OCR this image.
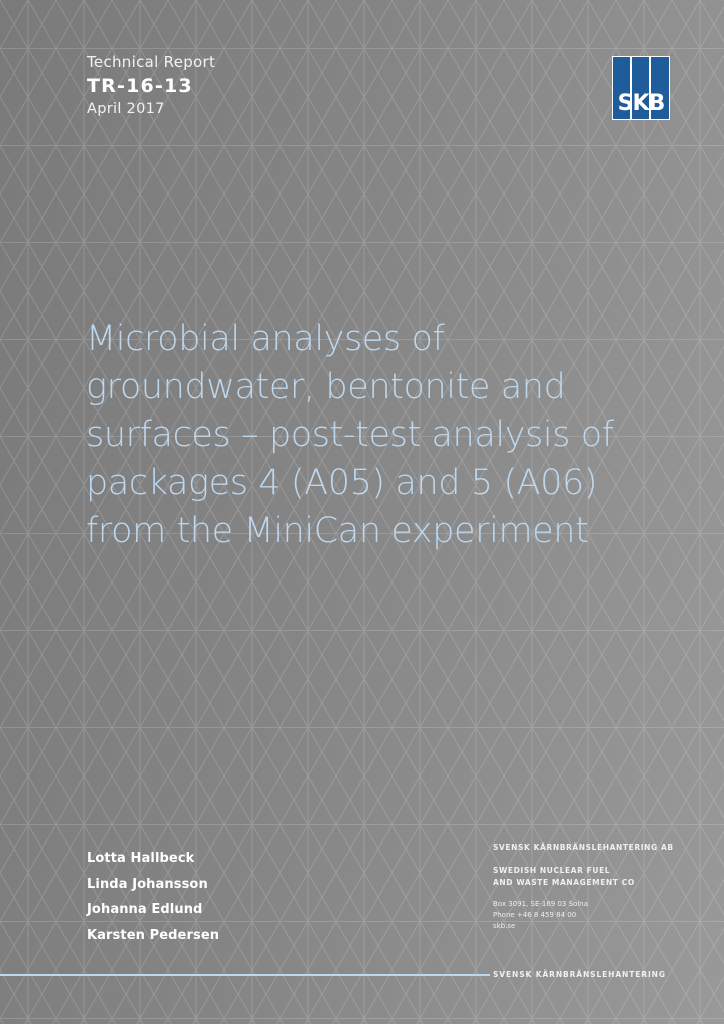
Technical Report
TR-16-13
April 2017	SKB
Microbial analyses of
groundwater, bentonite and
surfaces – post-test analysis of
packages 4 (A05) and 5 (A06)
from the MiniCan experiment
Lotta Hallbeck
Linda Johansson
Johanna Edlund
Karsten Pedersen
SVENSK KÄRNBRÄNSLEHANTERING AB
SWEDISH NUCLEAR FUEL
AND WASTE MANAGEMENT CO
Box 3091, SE-169 03 Solna
Phone +46 8 459 84 00
skb.se
SVENSK KÄRNBRÄNSLEHANTERING
